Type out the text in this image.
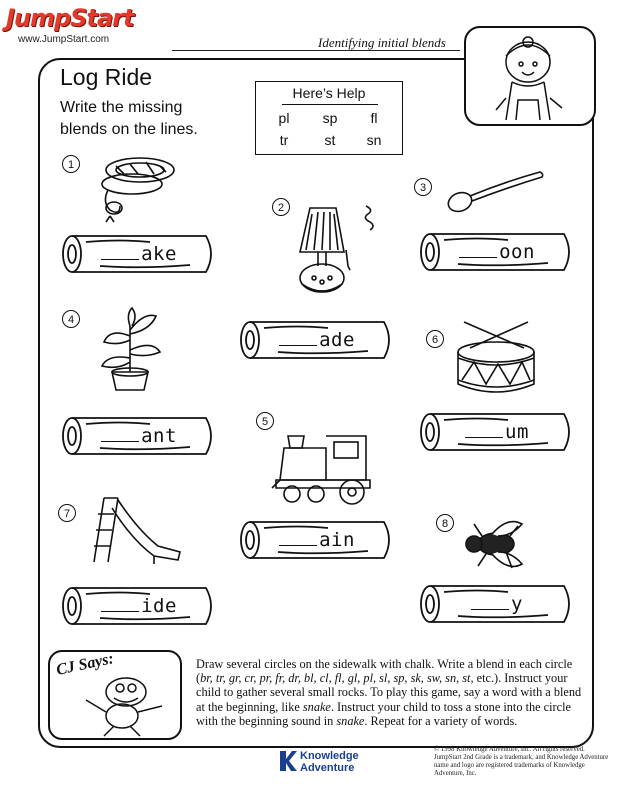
JumpStart
www.JumpStart.com	Identifying initial blends
Log Ride
Write the missing
blends on the lines.
Here’s Help
pl	sp	fl
tr	st	sn
1
ake
2
ade
3
oon
4
ant
5
ain
6
um
7
ide
8
y
CJ Says:	Draw several circles on the sidewalk with chalk. Write a blend in each circle (br, tr, gr, cr, pr, fr, dr, bl, cl, fl, gl, pl, sl, sp, sk, sw, sn, st, etc.). Instruct your child to gather several small rocks. To play this game, say a word with a blend at the beginning, like snake. Instruct your child to toss a stone into the circle with the beginning sound in snake. Repeat for a variety of words.
Knowledge
Adventure
© 1998 Knowledge Adventure, Inc. All rights reserved. JumpStart 2nd Grade is a trademark, and Knowledge Adventure name and logo are registered trademarks of Knowledge Adventure, Inc.
